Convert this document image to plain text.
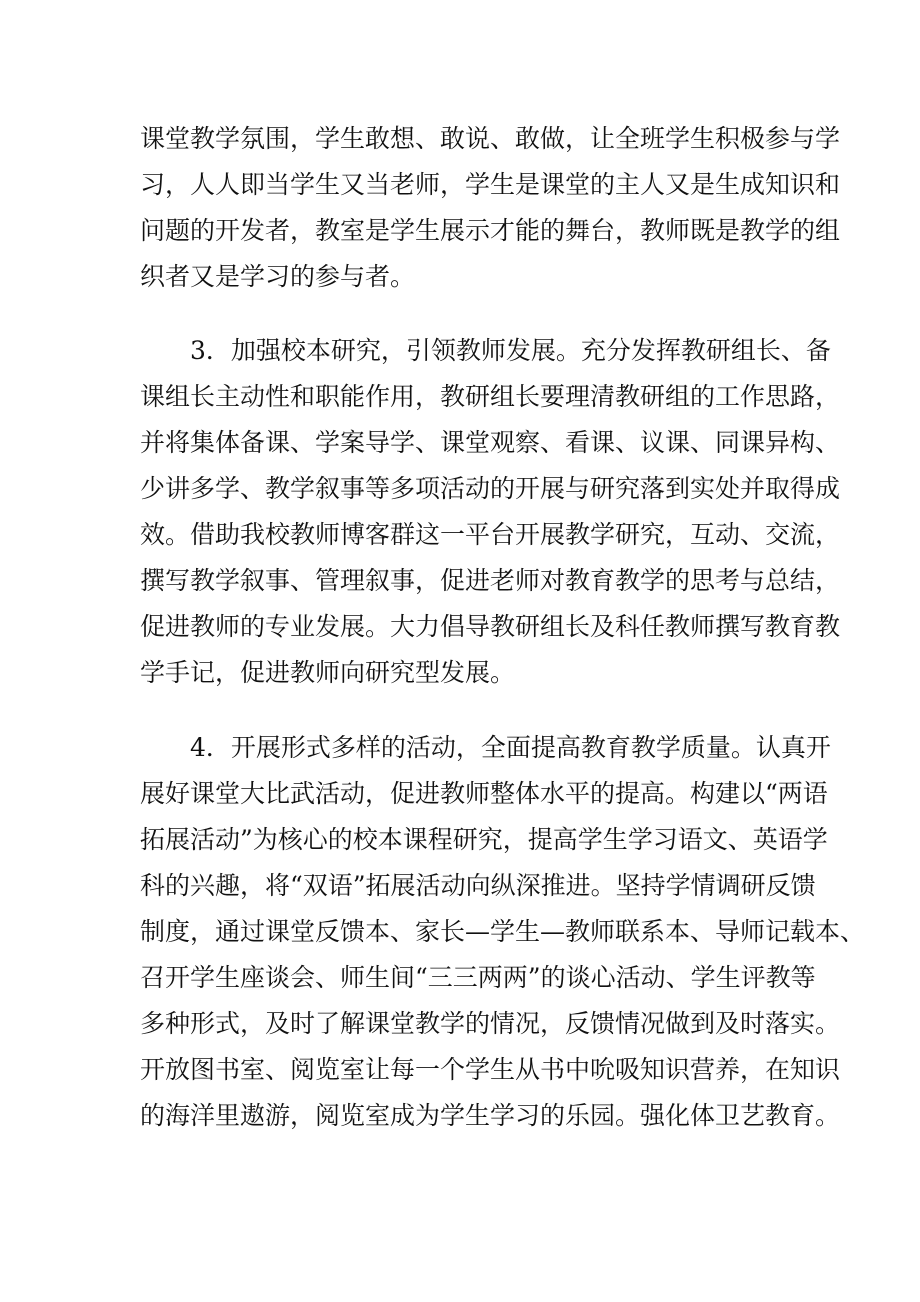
课堂教学氛围，学生敢想、敢说、敢做，让全班学生积极参与学
习，人人即当学生又当老师，学生是课堂的主人又是生成知识和
问题的开发者，教室是学生展示才能的舞台，教师既是教学的组
织者又是学习的参与者。
　　3．加强校本研究，引领教师发展。充分发挥教研组长、备
课组长主动性和职能作用，教研组长要理清教研组的工作思路，
并将集体备课、学案导学、课堂观察、看课、议课、同课异构、
少讲多学、教学叙事等多项活动的开展与研究落到实处并取得成
效。借助我校教师博客群这一平台开展教学研究，互动、交流，
撰写教学叙事、管理叙事，促进老师对教育教学的思考与总结，
促进教师的专业发展。大力倡导教研组长及科任教师撰写教育教
学手记，促进教师向研究型发展。
　　4．开展形式多样的活动，全面提高教育教学质量。认真开
展好课堂大比武活动，促进教师整体水平的提高。构建以“两语
拓展活动”为核心的校本课程研究，提高学生学习语文、英语学
科的兴趣，将“双语”拓展活动向纵深推进。坚持学情调研反馈
制度，通过课堂反馈本、家长—学生—教师联系本、导师记载本、
召开学生座谈会、师生间“三三两两”的谈心活动、学生评教等
多种形式，及时了解课堂教学的情况，反馈情况做到及时落实。
开放图书室、阅览室让每一个学生从书中吮吸知识营养，在知识
的海洋里遨游，阅览室成为学生学习的乐园。强化体卫艺教育。
